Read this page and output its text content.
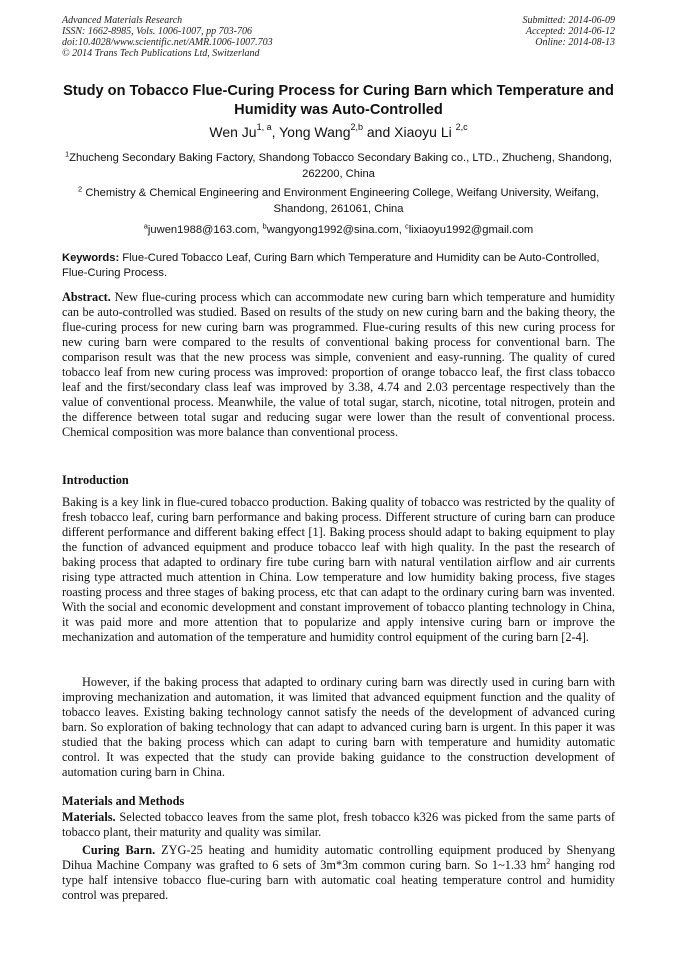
Advanced Materials Research
ISSN: 1662-8985, Vols. 1006-1007, pp 703-706
doi:10.4028/www.scientific.net/AMR.1006-1007.703
© 2014 Trans Tech Publications Ltd, Switzerland
Submitted: 2014-06-09
Accepted: 2014-06-12
Online: 2014-08-13
Study on Tobacco Flue-Curing Process for Curing Barn which Temperature and Humidity was Auto-Controlled
Wen Ju$^{1, a}$, Yong Wang$^{2,b}$ and Xiaoyu Li $^{2,c}$
$^1$Zhucheng Secondary Baking Factory, Shandong Tobacco Secondary Baking co., LTD., Zhucheng, Shandong, 262200, China
$^2$ Chemistry & Chemical Engineering and Environment Engineering College, Weifang University, Weifang, Shandong, 261061, China
$^a$juwen1988@163.com, $^b$wangyong1992@sina.com, $^c$lixiaoyu1992@gmail.com
Keywords: Flue-Cured Tobacco Leaf, Curing Barn which Temperature and Humidity can be Auto-Controlled, Flue-Curing Process.
Abstract. New flue-curing process which can accommodate new curing barn which temperature and humidity can be auto-controlled was studied. Based on results of the study on new curing barn and the baking theory, the flue-curing process for new curing barn was programmed. Flue-curing results of this new curing process for new curing barn were compared to the results of conventional baking process for conventional barn. The comparison result was that the new process was simple, convenient and easy-running. The quality of cured tobacco leaf from new curing process was improved: proportion of orange tobacco leaf, the first class tobacco leaf and the first/secondary class leaf was improved by 3.38, 4.74 and 2.03 percentage respectively than the value of conventional process. Meanwhile, the value of total sugar, starch, nicotine, total nitrogen, protein and the difference between total sugar and reducing sugar were lower than the result of conventional process. Chemical composition was more balance than conventional process.
Introduction
Baking is a key link in flue-cured tobacco production. Baking quality of tobacco was restricted by the quality of fresh tobacco leaf, curing barn performance and baking process. Different structure of curing barn can produce different performance and different baking effect [1]. Baking process should adapt to baking equipment to play the function of advanced equipment and produce tobacco leaf with high quality. In the past the research of baking process that adapted to ordinary fire tube curing barn with natural ventilation airflow and air currents rising type attracted much attention in China. Low temperature and low humidity baking process, five stages roasting process and three stages of baking process, etc that can adapt to the ordinary curing barn was invented. With the social and economic development and constant improvement of tobacco planting technology in China, it was paid more and more attention that to popularize and apply intensive curing barn or improve the mechanization and automation of the temperature and humidity control equipment of the curing barn [2-4].
However, if the baking process that adapted to ordinary curing barn was directly used in curing barn with improving mechanization and automation, it was limited that advanced equipment function and the quality of tobacco leaves. Existing baking technology cannot satisfy the needs of the development of advanced curing barn. So exploration of baking technology that can adapt to advanced curing barn is urgent. In this paper it was studied that the baking process which can adapt to curing barn with temperature and humidity automatic control. It was expected that the study can provide baking guidance to the construction development of automation curing barn in China.
Materials and Methods
Materials. Selected tobacco leaves from the same plot, fresh tobacco k326 was picked from the same parts of tobacco plant, their maturity and quality was similar.
Curing Barn. ZYG-25 heating and humidity automatic controlling equipment produced by Shenyang Dihua Machine Company was grafted to 6 sets of 3m*3m common curing barn. So 1~1.33 $hm^2$ hanging rod type half intensive tobacco flue-curing barn with automatic coal heating temperature control and humidity control was prepared.
